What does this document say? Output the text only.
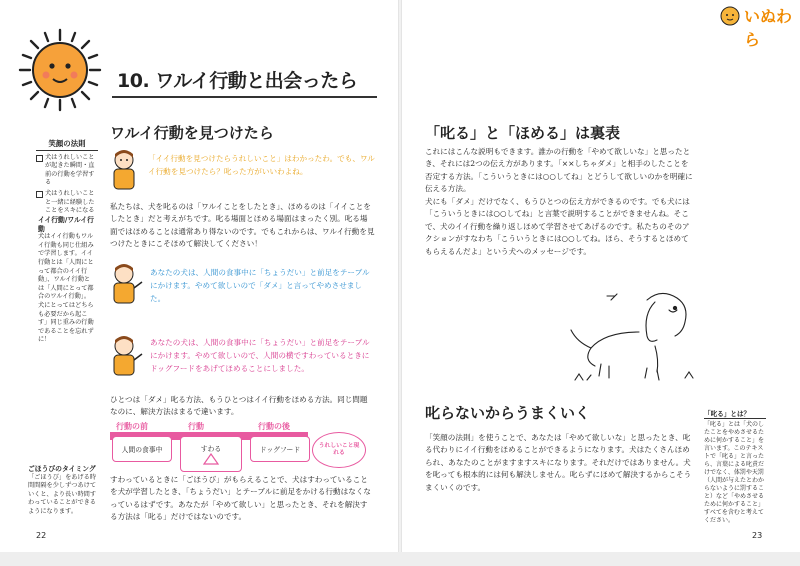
いぬわら
10. ワルイ行動と出会ったら
ワルイ行動を見つけたら
笑顔の法則
犬はうれしいことが起きた瞬間・直前の行動を学習する
犬はうれしいことと一緒に経験したことをスキになる
イイ行動/ワルイ行動
犬はイイ行動もワルイ行動も同じ仕組みで学習します。イイ行動とは「人間にとって都合のイイ行動」、ワルイ行動とは「人間にとって都合のワルイ行動」。犬にとってはどちらも必要だから起こす」同じ重みの行動であることを忘れずに！
ごほうびのタイミング
「ごほうび」をあげる時間間隔を少しずつあけていくと、より長い時間すわっていることができるようになります。
「イイ行動を見つけたらうれしいこと」はわかったわ。でも、ワルイ行動を見つけたら？叱った方がいいわよね。
私たちは、犬を叱るのは「ワルイことをしたとき」、ほめるのは「イイことをしたとき」だと考えがちです。叱る場面とほめる場面はまったく別。叱る場面ではほめることは通常あり得ないのです。でもこれからは、ワルイ行動を見つけたときにこそほめて解決してください！
あなたの犬は、人間の食事中に「ちょうだい」と前足をテーブルにかけます。やめて欲しいので「ダメ」と言ってやめさせました。
あなたの犬は、人間の食事中に「ちょうだい」と前足をテーブルにかけます。やめて欲しいので、人間の横ですわっているときにドッグフードをあげてほめることにしました。
ひとつは「ダメ」叱る方法、もうひとつはイイ行動をほめる方法。同じ問題なのに、解決方法はまるで違います。
行動の前	行動	行動の後
人間の食事中	すわる	ドッグフード	うれしいこと現れる
すわっているときに「ごほうび」がもらえることで、犬はすわっていることを犬が学習したとき、「ちょうだい」とテーブルに前足をかける行動はなくなっているはずです。あなたが「やめて欲しい」と思ったとき、それを解決する方法は「叱る」だけではないのです。
22
「叱る」と「ほめる」は裏表
これにはこんな説明もできます。誰かの行動を「やめて欲しいな」と思ったとき、それには2つの伝え方があります。「××しちゃダメ」と相手のしたことを否定する方法。「こういうときには○○してね」とどうして欲しいのかを明確に伝える方法。
犬にも「ダメ」だけでなく、もうひとつの伝え方ができるのです。でも犬には「こういうときには○○してね」と言葉で説明することができませんね。そこで、犬のイイ行動を繰り返しほめて学習させてあげるのです。私たちのそのアクションがすなわち「こういうときには○○してね。ほら、そうするとほめてもらえるんだよ」という犬へのメッセージです。
叱らないからうまくいく
「笑顔の法則」を使うことで、あなたは「やめて欲しいな」と思ったとき、叱る代わりにイイ行動をほめることができるようになります。犬はたくさんほめられ、あなたのことがますますスキになります。それだけではありません。犬を叱っても根本的には何も解決しません。叱らずにほめて解決するからこそうまくいくのです。
「叱る」とは？
「叱る」とは「犬のしたことをやめさせるために何かすること」を言います。このテキストで「叱る」と言ったら、言葉による叱責だけでなく、体罰や天罰（人間が与えたとわからないように罰すること）など「やめさせるために何かすること」すべてを含むと考えてください。
23
